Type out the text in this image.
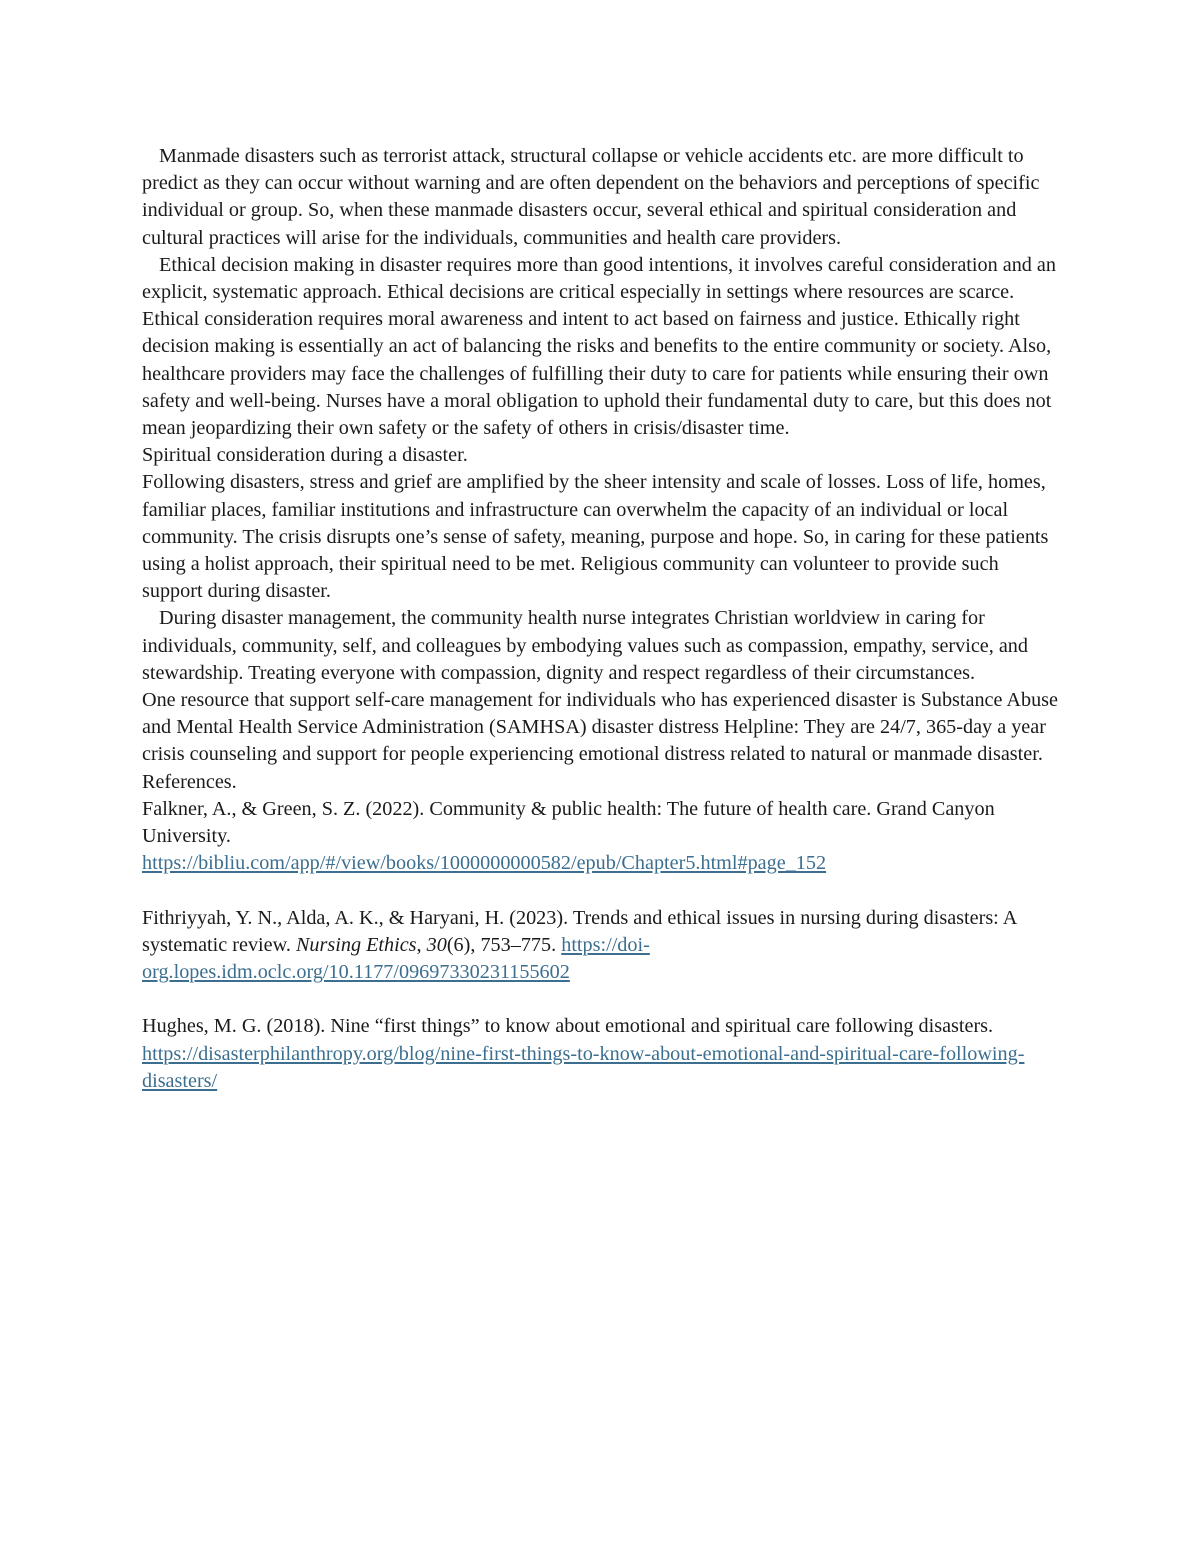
Manmade disasters such as terrorist attack, structural collapse or vehicle accidents etc. are more difficult to predict as they can occur without warning and are often dependent on the behaviors and perceptions of specific individual or group. So, when these manmade disasters occur, several ethical and spiritual consideration and cultural practices will arise for the individuals, communities and health care providers.

Ethical decision making in disaster requires more than good intentions, it involves careful consideration and an explicit, systematic approach. Ethical decisions are critical especially in settings where resources are scarce. Ethical consideration requires moral awareness and intent to act based on fairness and justice. Ethically right decision making is essentially an act of balancing the risks and benefits to the entire community or society. Also, healthcare providers may face the challenges of fulfilling their duty to care for patients while ensuring their own safety and well-being. Nurses have a moral obligation to uphold their fundamental duty to care, but this does not mean jeopardizing their own safety or the safety of others in crisis/disaster time.

Spiritual consideration during a disaster.

Following disasters, stress and grief are amplified by the sheer intensity and scale of losses. Loss of life, homes, familiar places, familiar institutions and infrastructure can overwhelm the capacity of an individual or local community. The crisis disrupts one’s sense of safety, meaning, purpose and hope. So, in caring for these patients using a holist approach, their spiritual need to be met. Religious community can volunteer to provide such support during disaster.

During disaster management, the community health nurse integrates Christian worldview in caring for individuals, community, self, and colleagues by embodying values such as compassion, empathy, service, and stewardship. Treating everyone with compassion, dignity and respect regardless of their circumstances.

One resource that support self-care management for individuals who has experienced disaster is Substance Abuse and Mental Health Service Administration (SAMHSA) disaster distress Helpline: They are 24/7, 365-day a year crisis counseling and support for people experiencing emotional distress related to natural or manmade disaster.

References.

Falkner, A., & Green, S. Z. (2022). Community & public health: The future of health care. Grand Canyon University.
https://bibliu.com/app/#/view/books/1000000000582/epub/Chapter5.html#page_152

Fithriyyah, Y. N., Alda, A. K., & Haryani, H. (2023). Trends and ethical issues in nursing during disasters: A systematic review. Nursing Ethics, 30(6), 753–775. https://doi-org.lopes.idm.oclc.org/10.1177/09697330231155602

Hughes, M. G. (2018). Nine “first things” to know about emotional and spiritual care following disasters. https://disasterphilanthropy.org/blog/nine-first-things-to-know-about-emotional-and-spiritual-care-following-disasters/
